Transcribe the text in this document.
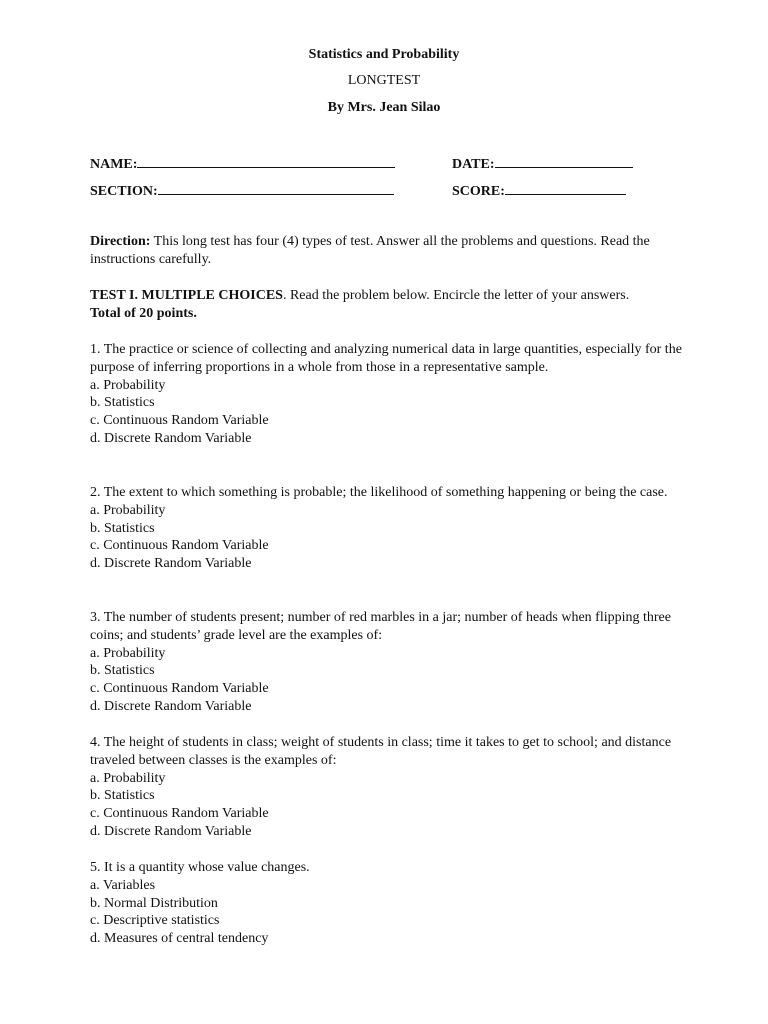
Statistics and Probability
LONGTEST
By Mrs. Jean Silao
NAME:	DATE:
SECTION:	SCORE:
Direction: This long test has four (4) types of test. Answer all the problems and questions. Read the instructions carefully.
TEST I. MULTIPLE CHOICES. Read the problem below. Encircle the letter of your answers.
Total of 20 points.
1. The practice or science of collecting and analyzing numerical data in large quantities, especially for the purpose of inferring proportions in a whole from those in a representative sample.
a. Probability
b. Statistics
c. Continuous Random Variable
d. Discrete Random Variable
2. The extent to which something is probable; the likelihood of something happening or being the case.
a. Probability
b. Statistics
c. Continuous Random Variable
d. Discrete Random Variable
3. The number of students present; number of red marbles in a jar; number of heads when flipping three coins; and students’ grade level are the examples of:
a. Probability
b. Statistics
c. Continuous Random Variable
d. Discrete Random Variable
4. The height of students in class; weight of students in class; time it takes to get to school; and distance traveled between classes is the examples of:
a. Probability
b. Statistics
c. Continuous Random Variable
d. Discrete Random Variable
5. It is a quantity whose value changes.
a. Variables
b. Normal Distribution
c. Descriptive statistics
d. Measures of central tendency
